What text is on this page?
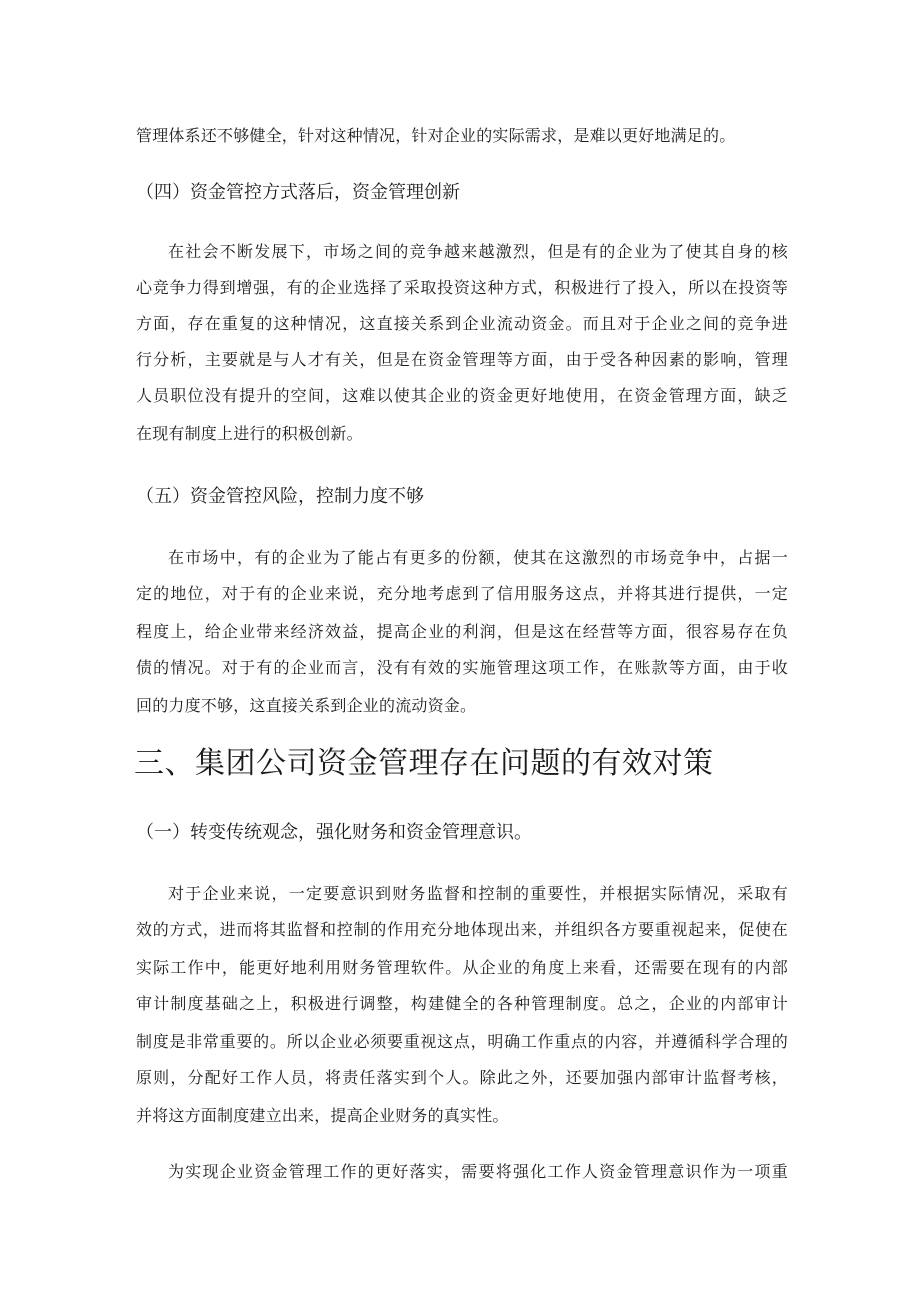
管理体系还不够健全，针对这种情况，针对企业的实际需求，是难以更好地满足的。
（四）资金管控方式落后，资金管理创新
在社会不断发展下，市场之间的竞争越来越激烈，但是有的企业为了使其自身的核
心竞争力得到增强，有的企业选择了采取投资这种方式，积极进行了投入，所以在投资等
方面，存在重复的这种情况，这直接关系到企业流动资金。而且对于企业之间的竞争进
行分析，主要就是与人才有关，但是在资金管理等方面，由于受各种因素的影响，管理
人员职位没有提升的空间，这难以使其企业的资金更好地使用，在资金管理方面，缺乏
在现有制度上进行的积极创新。
（五）资金管控风险，控制力度不够
在市场中，有的企业为了能占有更多的份额，使其在这激烈的市场竞争中，占据一
定的地位，对于有的企业来说，充分地考虑到了信用服务这点，并将其进行提供，一定
程度上，给企业带来经济效益，提高企业的利润，但是这在经营等方面，很容易存在负
债的情况。对于有的企业而言，没有有效的实施管理这项工作，在账款等方面，由于收
回的力度不够，这直接关系到企业的流动资金。
三、集团公司资金管理存在问题的有效对策
（一）转变传统观念，强化财务和资金管理意识。
对于企业来说，一定要意识到财务监督和控制的重要性，并根据实际情况，采取有
效的方式，进而将其监督和控制的作用充分地体现出来，并组织各方要重视起来，促使在
实际工作中，能更好地利用财务管理软件。从企业的角度上来看，还需要在现有的内部
审计制度基础之上，积极进行调整，构建健全的各种管理制度。总之，企业的内部审计
制度是非常重要的。所以企业必须要重视这点，明确工作重点的内容，并遵循科学合理的
原则，分配好工作人员，将责任落实到个人。除此之外，还要加强内部审计监督考核，
并将这方面制度建立出来，提高企业财务的真实性。
为实现企业资金管理工作的更好落实，需要将强化工作人资金管理意识作为一项重
